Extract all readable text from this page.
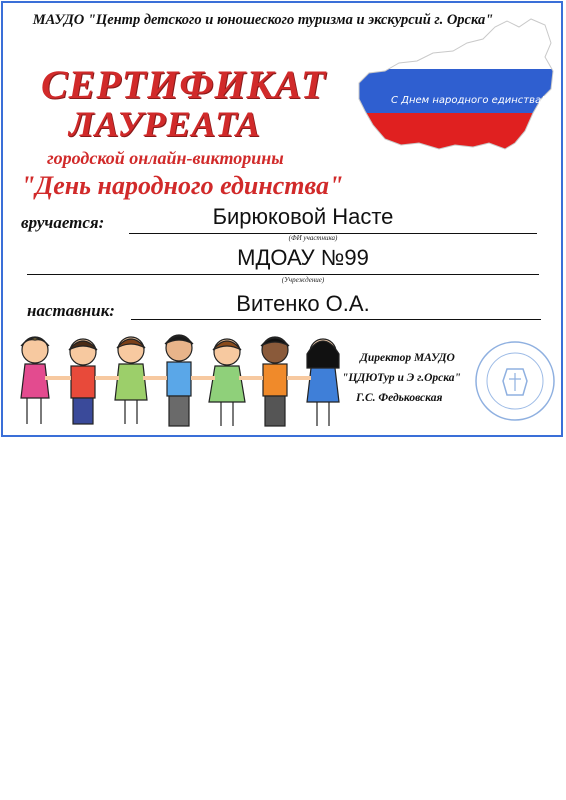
МАУДО "Центр детского и юношеского туризма и экскурсий г. Орска"
СЕРТИФИКАТ
ЛАУРЕАТА
городской онлайн-викторины
"День народного единства"
С Днем народного единства!
вручается:	Бирюковой Насте
(ФИ участника)
МДОАУ №99
(Учреждение)
наставник:	Витенко О.А.
Директор МАУДО
"ЦДЮТур и Э г.Орска"
Г.С. Федьковская
